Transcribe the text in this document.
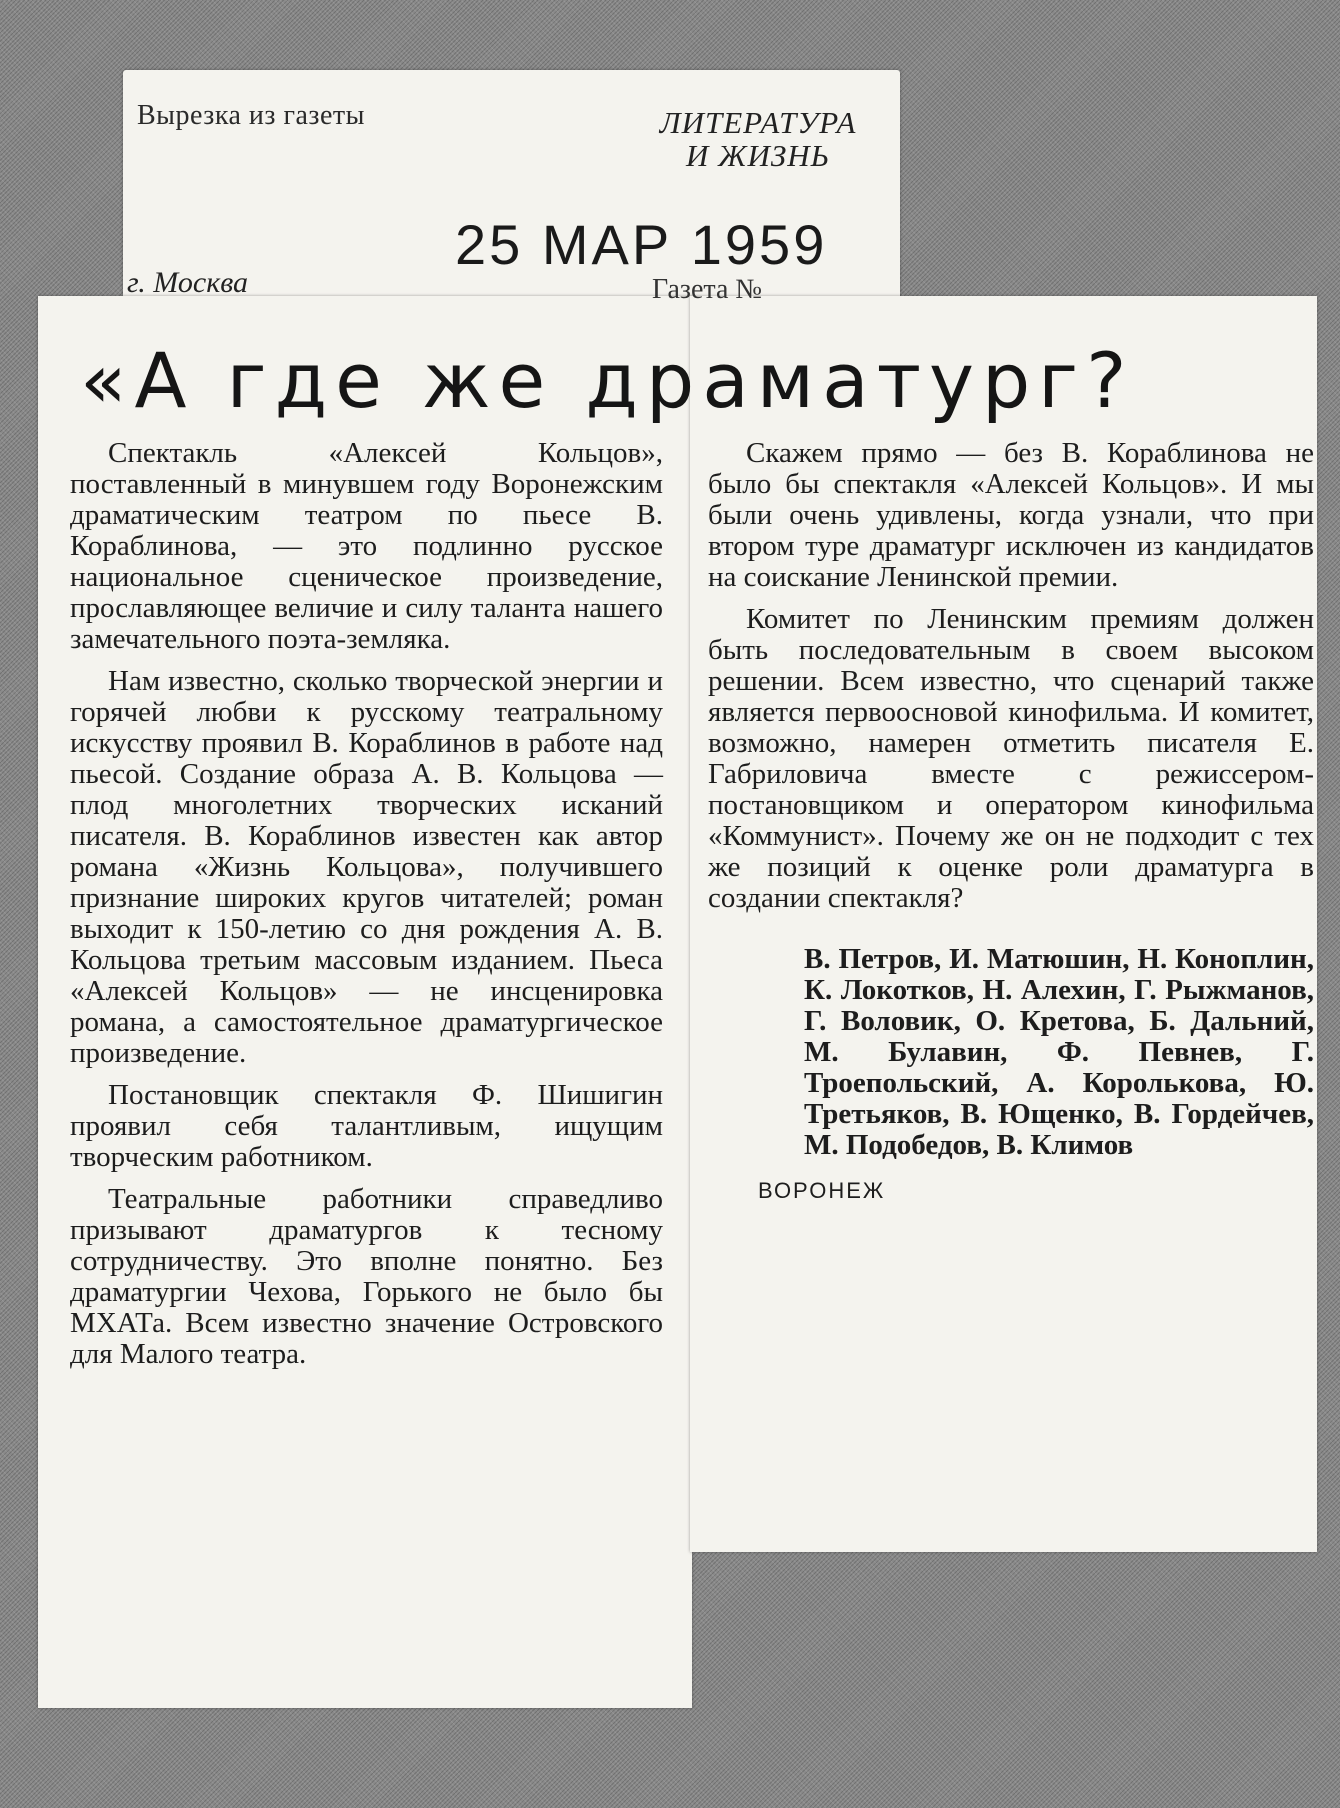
Вырезка из газеты	ЛИТЕРАТУРА
И ЖИЗНЬ
25 МАР 1959
г. Москва	Газета №
«А где же драматург?

Спектакль «Алексей Кольцов», поставленный в минувшем году Воронежским драматическим театром по пьесе В. Кораблинова, — это подлинно русское национальное сценическое произведение, прославляющее величие и силу таланта нашего замечательного поэта-земляка.

Нам известно, сколько творческой энергии и горячей любви к русскому театральному искусству проявил В. Кораблинов в работе над пьесой. Создание образа А. В. Кольцова — плод многолетних творческих исканий писателя. В. Кораблинов известен как автор романа «Жизнь Кольцова», получившего признание широких кругов читателей; роман выходит к 150-летию со дня рождения А. В. Кольцова третьим массовым изданием. Пьеса «Алексей Кольцов» — не инсценировка романа, а самостоятельное драматургическое произведение.

Постановщик спектакля Ф. Шишигин проявил себя талантливым, ищущим творческим работником.

Театральные работники справедливо призывают драматургов к тесному сотрудничеству. Это вполне понятно. Без драматургии Чехова, Горького не было бы МХАТа. Всем известно значение Островского для Малого театра.

Скажем прямо — без В. Кораблинова не было бы спектакля «Алексей Кольцов». И мы были очень удивлены, когда узнали, что при втором туре драматург исключен из кандидатов на соискание Ленинской премии.

Комитет по Ленинским премиям должен быть последовательным в своем высоком решении. Всем известно, что сценарий также является первоосновой кинофильма. И комитет, возможно, намерен отметить писателя Е. Габриловича вместе с режиссером-постановщиком и оператором кинофильма «Коммунист». Почему же он не подходит с тех же позиций к оценке роли драматурга в создании спектакля?

В. Петров, И. Матюшин, Н. Коноплин, К. Локотков, Н. Алехин, Г. Рыжманов, Г. Воловик, О. Кретова, Б. Дальний, М. Булавин, Ф. Певнев, Г. Троепольский, А. Королькова, Ю. Третьяков, В. Ющенко, В. Гордейчев, М. Подобедов, В. Климов
ВОРОНЕЖ
